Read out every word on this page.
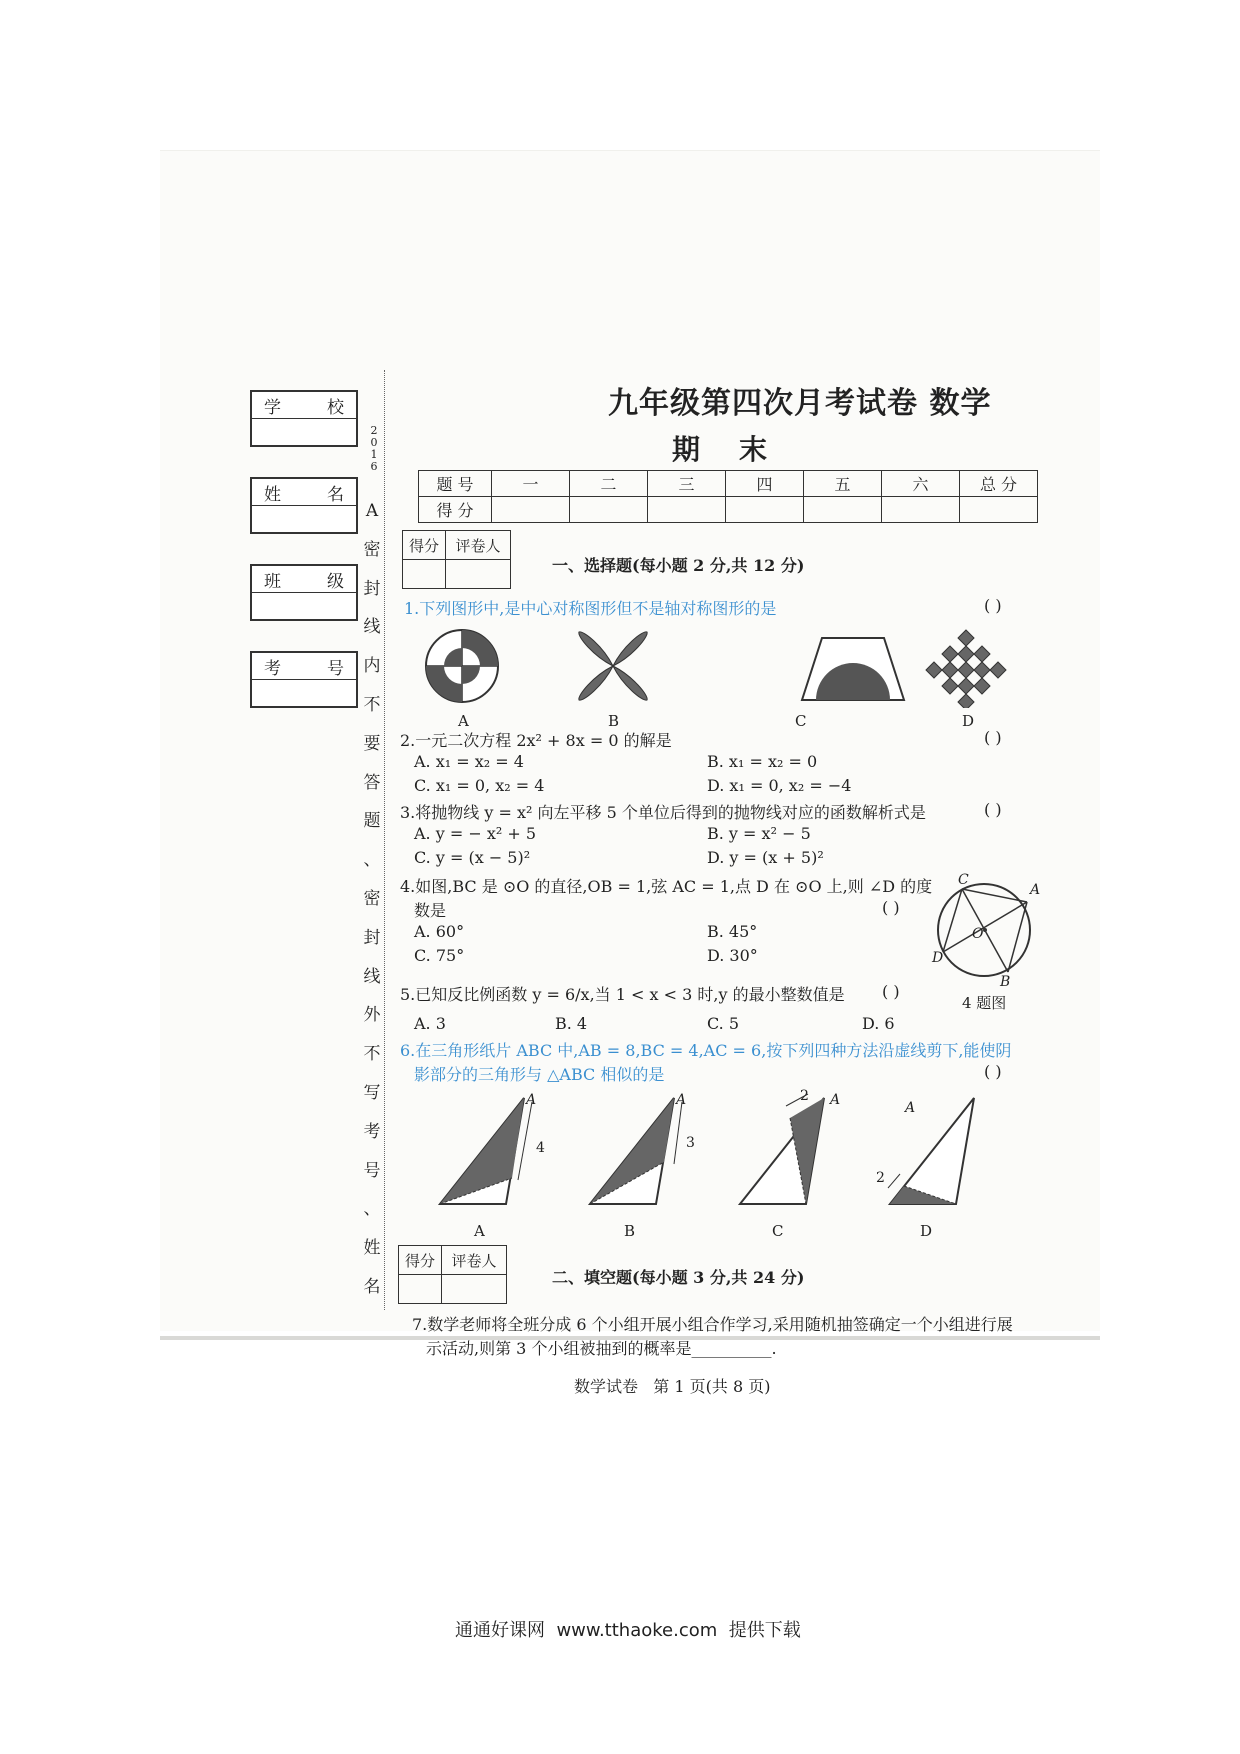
学	校
姓	名
班	级
考	号
2
0
1
6
A
密
封
线
内
不
要
答
题
、
密
封
线
外
不
写
考
号
、
姓
名
九年级第四次月考试卷 数学
期    末
题 号	一	二	三	四	五	六	总 分
得 分							
得分	评卷人

一、选择题(每小题 2 分,共 12 分)
1.下列图形中,是中心对称图形但不是轴对称图形的是	( )
A	B	C	D
2.一元二次方程 2x² + 8x = 0 的解是	( )
A. x₁ = x₂ = 4	B. x₁ = x₂ = 0
C. x₁ = 0, x₂ = 4	D. x₁ = 0, x₂ = −4
3.将抛物线 y = x² 向左平移 5 个单位后得到的抛物线对应的函数解析式是	( )
A. y = − x² + 5	B. y = x² − 5
C. y = (x − 5)²	D. y = (x + 5)²
4.如图,BC 是 ⊙O 的直径,OB = 1,弦 AC = 1,点 D 在 ⊙O 上,则 ∠D 的度
数是	( )
A. 60°	B. 45°
C. 75°	D. 30°
C
A
O
D
B
4 题图
5.已知反比例函数 y = 6/x,当 1 < x < 3 时,y 的最小整数值是 ( )
A. 3	B. 4	C. 5	D. 6
6.在三角形纸片 ABC 中,AB = 8,BC = 4,AC = 6,按下列四种方法沿虚线剪下,能使阴
影部分的三角形与 △ABC 相似的是	( )
A
A	A	A
4	3
2
2
A	B	C	D
得分	评卷人

二、填空题(每小题 3 分,共 24 分)
7.数学老师将全班分成 6 个小组开展小组合作学习,采用随机抽签确定一个小组进行展
示活动,则第 3 个小组被抽到的概率是__________.
数学试卷   第 1 页(共 8 页)
通通好课网  www.tthaoke.com  提供下载
